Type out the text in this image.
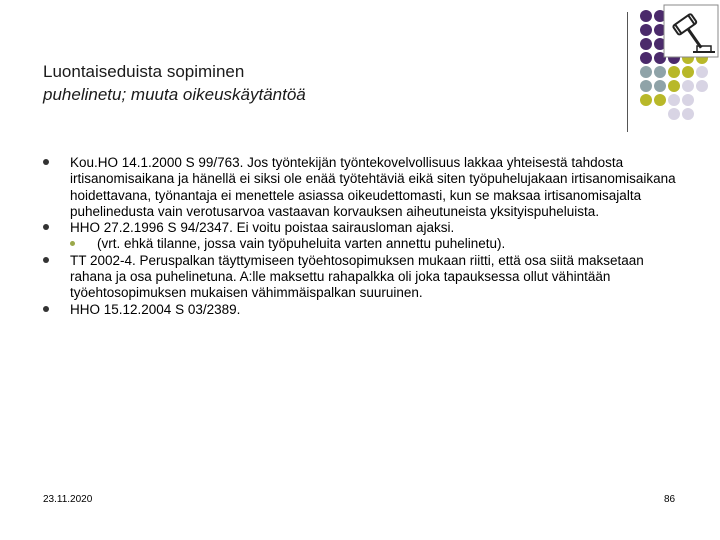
Luontaiseduista sopiminen
puhelinetu; muuta oikeuskäytäntöä
Kou.HO 14.1.2000 S 99/763. Jos työntekijän työntekovelvollisuus lakkaa yhteisestä tahdosta irtisanomisaikana ja hänellä ei siksi ole enää työtehtäviä eikä siten työpuhelujakaan irtisanomisaikana hoidettavana, työnantaja ei menettele asiassa oikeudettomasti, kun se maksaa irtisanomisajalta puhelinedusta vain verotusarvoa vastaavan korvauksen aiheutuneista yksityispuheluista.
HHO 27.2.1996 S 94/2347. Ei voitu poistaa sairausloman ajaksi.
(vrt. ehkä tilanne, jossa vain työpuheluita varten annettu puhelinetu).
TT 2002-4. Peruspalkan täyttymiseen työehtosopimuksen mukaan riitti, että osa siitä maksetaan rahana ja osa puhelinetuna. A:lle maksettu rahapalkka oli joka tapauksessa ollut vähintään työehtosopimuksen mukaisen vähimmäispalkan suuruinen.
HHO 15.12.2004 S 03/2389.
23.11.2020	86
